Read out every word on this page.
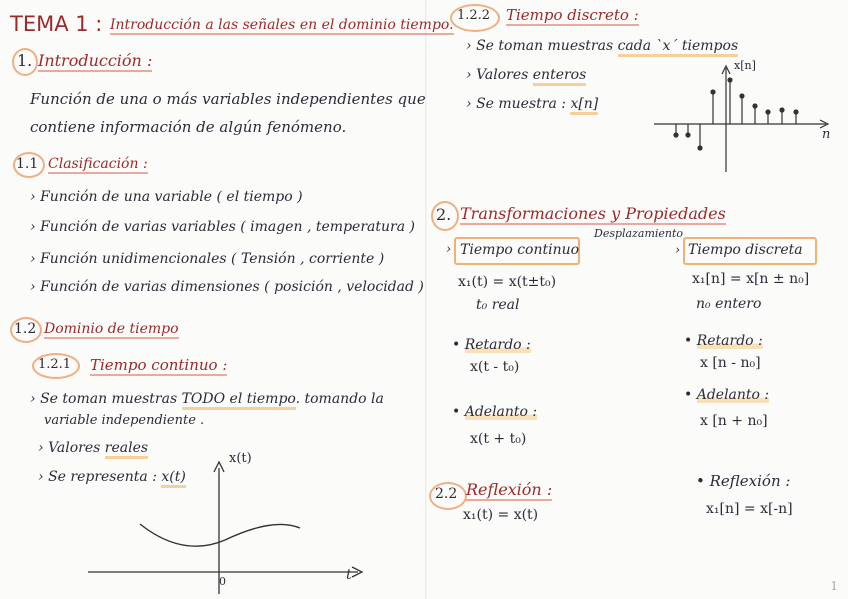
TEMA 1 : Introducción a las señales en el dominio tiempo.
1. Introducción :
Función de una o más variables independientes que
contiene información de algún fenómeno.
1.1 Clasificación :
› Función de una variable ( el tiempo )
› Función de varias variables ( imagen , temperatura )
› Función unidimencionales ( Tensión , corriente )
› Función de varias dimensiones ( posición , velocidad )
1.2 Dominio de tiempo
1.2.1 Tiempo continuo :
› Se toman muestras TODO el tiempo. tomando la
variable independiente .
› Valores reales
› Se representa : x(t)
x(t)
t
0
1.2.2 Tiempo discreto :
› Se toman muestras cada `x´ tiempos
› Valores enteros
› Se muestra : x[n]
x[n]
n
2. Transformaciones y Propiedades
Desplazamiento
› Tiempo continuo	› Tiempo discreta
x₁(t) = x(t±t₀)
t₀ real
x₁[n] = x[n ± n₀]
n₀ entero
• Retardo :
x(t - t₀)
• Retardo :
x [n - n₀]
• Adelanto :
x(t + t₀)
• Adelanto :
x [n + n₀]
2.2 Reflexión :
x₁(t) = x(t)
• Reflexión :
x₁[n] = x[-n]
1
